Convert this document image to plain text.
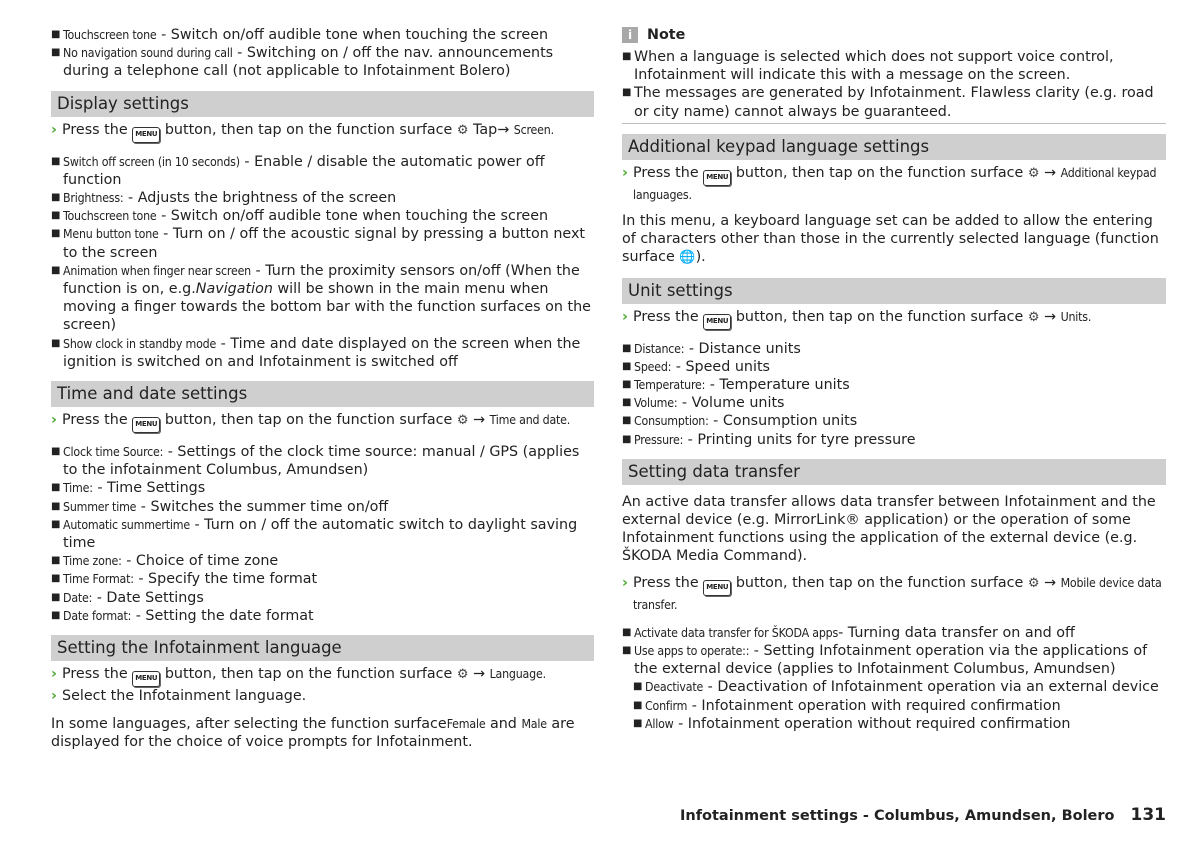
■ Touchscreen tone - Switch on/off audible tone when touching the screen
■ No navigation sound during call - Switching on / off the nav. announcements during a telephone call (not applicable to Infotainment Bolero)
Display settings
› Press the MENU button, then tap on the function surface ⚙ Tap→ Screen.
■ Switch off screen (in 10 seconds) - Enable / disable the automatic power off function
■ Brightness: - Adjusts the brightness of the screen
■ Touchscreen tone - Switch on/off audible tone when touching the screen
■ Menu button tone - Turn on / off the acoustic signal by pressing a button next to the screen
■ Animation when finger near screen - Turn the proximity sensors on/off (When the function is on, e.g.Navigation will be shown in the main menu when moving a finger towards the bottom bar with the function surfaces on the screen)
■ Show clock in standby mode - Time and date displayed on the screen when the ignition is switched on and Infotainment is switched off
Time and date settings
› Press the MENU button, then tap on the function surface ⚙ → Time and date.
■ Clock time Source: - Settings of the clock time source: manual / GPS (applies to the infotainment Columbus, Amundsen)
■ Time: - Time Settings
■ Summer time - Switches the summer time on/off
■ Automatic summertime - Turn on / off the automatic switch to daylight saving time
■ Time zone: - Choice of time zone
■ Time Format: - Specify the time format
■ Date: - Date Settings
■ Date format: - Setting the date format
Setting the Infotainment language
› Press the MENU button, then tap on the function surface ⚙ → Language.
› Select the Infotainment language.

In some languages, after selecting the function surfaceFemale and Male are displayed for the choice of voice prompts for Infotainment.

i	Note
■ When a language is selected which does not support voice control, Infotainment will indicate this with a message on the screen.
■ The messages are generated by Infotainment. Flawless clarity (e.g. road or city name) cannot always be guaranteed.
Additional keypad language settings
› Press the MENU button, then tap on the function surface ⚙ → Additional keypad languages.

In this menu, a keyboard language set can be added to allow the entering of characters other than those in the currently selected language (function surface 🌐).

Unit settings
› Press the MENU button, then tap on the function surface ⚙ → Units.
■ Distance: - Distance units
■ Speed: - Speed units
■ Temperature: - Temperature units
■ Volume: - Volume units
■ Consumption: - Consumption units
■ Pressure: - Printing units for tyre pressure
Setting data transfer

An active data transfer allows data transfer between Infotainment and the external device (e.g. MirrorLink® application) or the operation of some Infotainment functions using the application of the external device (e.g. ŠKODA Media Command).

› Press the MENU button, then tap on the function surface ⚙ → Mobile device data transfer.
■ Activate data transfer for ŠKODA apps- Turning data transfer on and off
■ Use apps to operate:: - Setting Infotainment operation via the applications of the external device (applies to Infotainment Columbus, Amundsen)
■ Deactivate - Deactivation of Infotainment operation via an external device
■ Confirm - Infotainment operation with required confirmation
■ Allow - Infotainment operation without required confirmation
Infotainment settings - Columbus, Amundsen, Bolero 131
